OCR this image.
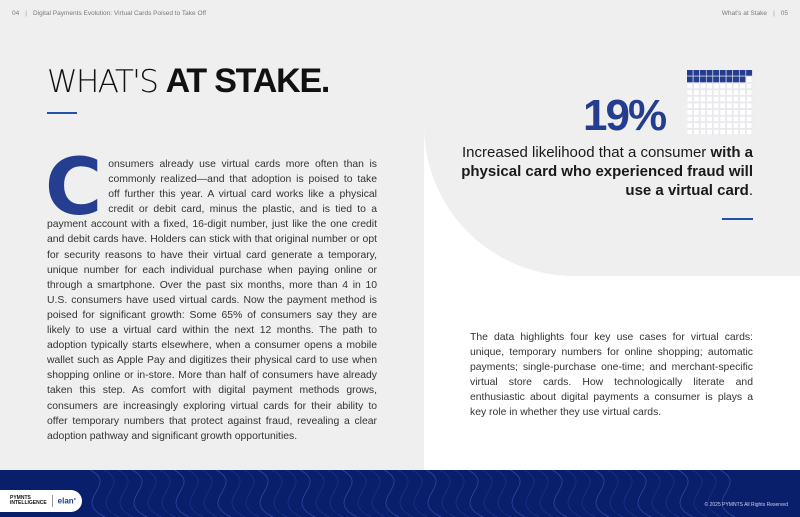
04 | Digital Payments Evolution: Virtual Cards Poised to Take Off	What's at Stake | 05
WHAT'S AT STAKE.
Consumers already use virtual cards more often than is commonly realized—and that adoption is poised to take off further this year. A virtual card works like a physical credit or debit card, minus the plastic, and is tied to a payment account with a fixed, 16-digit number, just like the one credit and debit cards have. Holders can stick with that original number or opt for security reasons to have their virtual card generate a temporary, unique number for each individual purchase when paying online or through a smartphone. Over the past six months, more than 4 in 10 U.S. consumers have used virtual cards. Now the payment method is poised for significant growth: Some 65% of consumers say they are likely to use a virtual card within the next 12 months. The path to adoption typically starts elsewhere, when a consumer opens a mobile wallet such as Apple Pay and digitizes their physical card to use when shopping online or in-store. More than half of consumers have already taken this step. As comfort with digital payment methods grows, consumers are increasingly exploring virtual cards for their ability to offer temporary numbers that protect against fraud, revealing a clear adoption pathway and significant growth opportunities.
19%
Increased likelihood that a consumer with a physical card who experienced fraud will use a virtual card.
The data highlights four key use cases for virtual cards: unique, temporary numbers for online shopping; automatic payments; single-purchase one-time; and merchant-specific virtual store cards. How technologically literate and enthusiastic about digital payments a consumer is plays a key role in whether they use virtual cards.
PYMNTS
INTELLIGENCE elan$^c$
© 2025 PYMNTS All Rights Reserved
